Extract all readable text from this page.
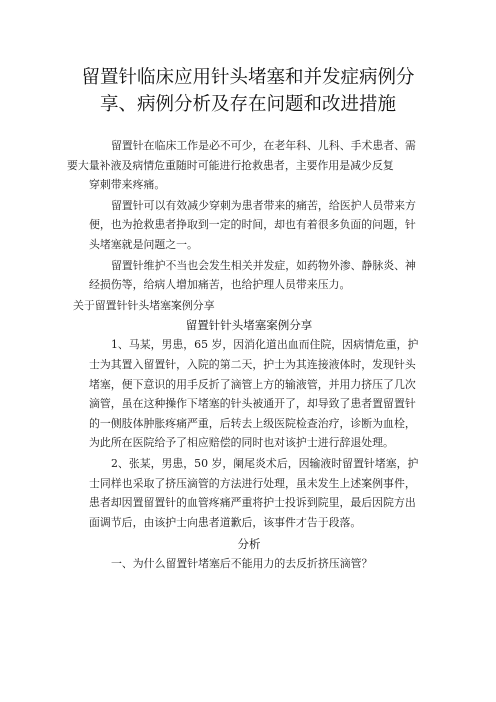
留置针临床应用针头堵塞和并发症病例分
享、病例分析及存在问题和改进措施

留置针在临床工作是必不可少，在老年科、儿科、手术患者、需
要大量补液及病情危重随时可能进行抢救患者，主要作用是减少反复
穿刺带来疼痛。

留置针可以有效减少穿刺为患者带来的痛苦，给医护人员带来方
便，也为抢救患者挣取到一定的时间，却也有着很多负面的问题，针
头堵塞就是问题之一。

留置针维护不当也会发生相关并发症，如药物外渗、静脉炎、神
经损伤等，给病人增加痛苦，也给护理人员带来压力。

关于留置针针头堵塞案例分享

留置针针头堵塞案例分享

1、马某，男患，65 岁，因消化道出血而住院，因病情危重，护
士为其置入留置针，入院的第二天，护士为其连接液体时，发现针头
堵塞，便下意识的用手反折了滴管上方的输液管，并用力挤压了几次
滴管，虽在这种操作下堵塞的针头被通开了，却导致了患者置留置针
的一侧肢体肿胀疼痛严重，后转去上级医院检查治疗，诊断为血栓，
为此所在医院给予了相应赔偿的同时也对该护士进行辞退处理。

2、张某，男患，50 岁，阑尾炎术后，因输液时留置针堵塞，护
士同样也采取了挤压滴管的方法进行处理，虽未发生上述案例事件，
患者却因置留置针的血管疼痛严重将护士投诉到院里，最后因院方出
面调节后，由该护士向患者道歉后，该事件才告于段落。

分析

一、为什么留置针堵塞后不能用力的去反折挤压滴管？
